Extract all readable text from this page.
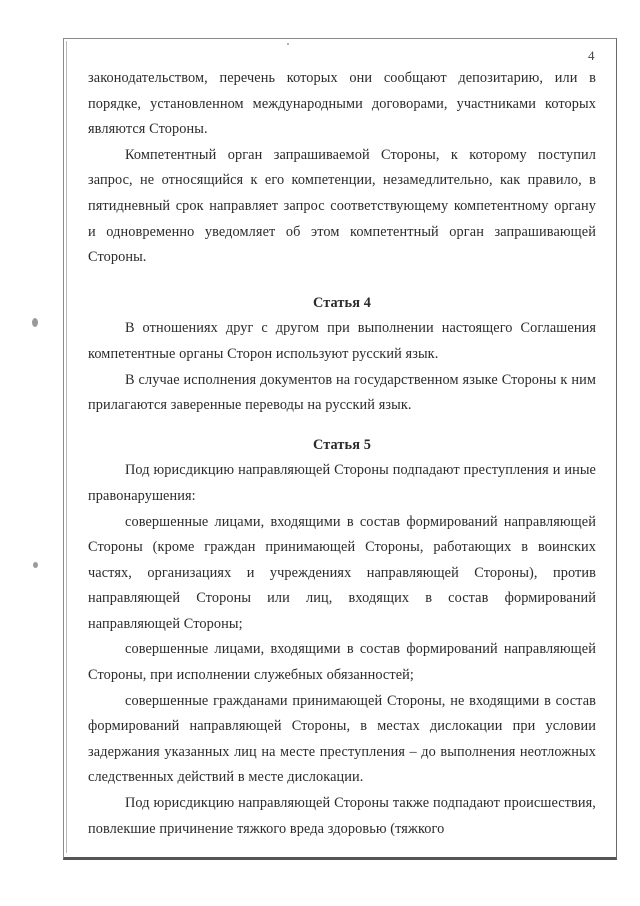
4

законодательством, перечень которых они сообщают депозитарию, или в порядке, установленном международными договорами, участниками которых являются Стороны.

Компетентный орган запрашиваемой Стороны, к которому поступил запрос, не относящийся к его компетенции, незамедлительно, как правило, в пятидневный срок направляет запрос соответствующему компетентному органу и одновременно уведомляет об этом компетентный орган запрашивающей Стороны.

Статья 4

В отношениях друг с другом при выполнении настоящего Соглашения компетентные органы Сторон используют русский язык.

В случае исполнения документов на государственном языке Стороны к ним прилагаются заверенные переводы на русский язык.

Статья 5

Под юрисдикцию направляющей Стороны подпадают преступления и иные правонарушения:

совершенные лицами, входящими в состав формирований направляющей Стороны (кроме граждан принимающей Стороны, работающих в воинских частях, организациях и учреждениях направляющей Стороны), против направляющей Стороны или лиц, входящих в состав формирований направляющей Стороны;

совершенные лицами, входящими в состав формирований направляющей Стороны, при исполнении служебных обязанностей;

совершенные гражданами принимающей Стороны, не входящими в состав формирований направляющей Стороны, в местах дислокации при условии задержания указанных лиц на месте преступления – до выполнения неотложных следственных действий в месте дислокации.

Под юрисдикцию направляющей Стороны также подпадают происшествия, повлекшие причинение тяжкого вреда здоровью (тяжкого
